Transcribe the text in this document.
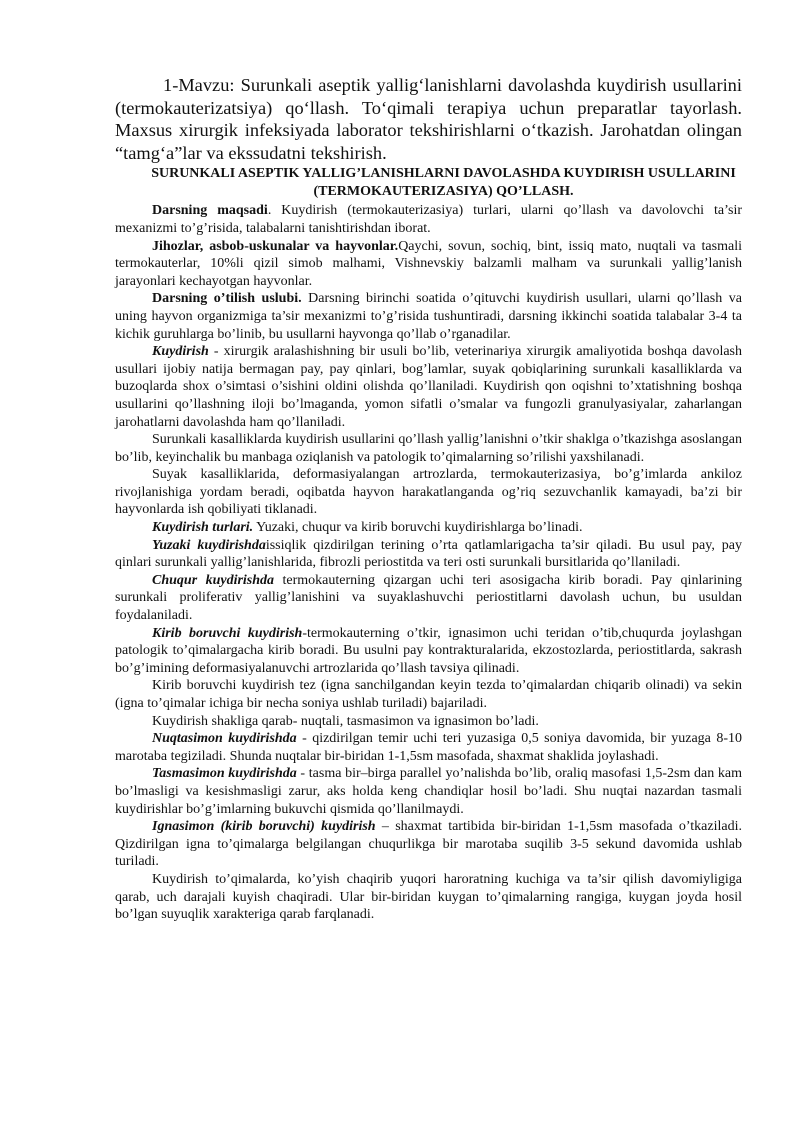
1-Mavzu: Surunkali aseptik yallig‘lanishlarni davolashda kuydirish usullarini (termokauterizatsiya) qo‘llash. To‘qimali terapiya uchun preparatlar tayorlash. Maxsus xirurgik infeksiyada laborator tekshirishlarni o‘tkazish. Jarohatdan olingan “tamg‘a”lar va ekssudatni tekshirish.

SURUNKALI ASEPTIK YALLIG’LANISHLARNI DAVOLASHDA KUYDIRISH USULLARINI (TERMOKAUTERIZASIYA) QO’LLASH.

Darsning maqsadi. Kuydirish (termokauterizasiya) turlari, ularni qo’llash va davolovchi ta’sir mexanizmi to’g’risida, talabalarni tanishtirishdan iborat.

Jihozlar, asbob-uskunalar va hayvonlar.Qaychi, sovun, sochiq, bint, issiq mato, nuqtali va tasmali termokauterlar, 10%li qizil simob malhami, Vishnevskiy balzamli malham va surunkali yallig’lanish jarayonlari kechayotgan hayvonlar.

Darsning o’tilish uslubi. Darsning birinchi soatida o’qituvchi kuydirish usullari, ularni qo’llash va uning hayvon organizmiga ta’sir mexanizmi to’g’risida tushuntiradi, darsning ikkinchi soatida talabalar 3-4 ta kichik guruhlarga bo’linib, bu usullarni hayvonga qo’llab o’rganadilar.

Kuydirish - xirurgik aralashishning bir usuli bo’lib, veterinariya xirurgik amaliyotida boshqa davolash usullari ijobiy natija bermagan pay, pay qinlari, bog’lamlar, suyak qobiqlarining surunkali kasalliklarda va buzoqlarda shox o’simtasi o’sishini oldini olishda qo’llaniladi. Kuydirish qon oqishni to’xtatishning boshqa usullarini qo’llashning iloji bo’lmaganda, yomon sifatli o’smalar va fungozli granulyasiyalar, zaharlangan jarohatlarni davolashda ham qo’llaniladi.

Surunkali kasalliklarda kuydirish usullarini qo’llash yallig’lanishni o’tkir shaklga o’tkazishga asoslangan bo’lib, keyinchalik bu manbaga oziqlanish va patologik to’qimalarning so’rilishi yaxshilanadi.

Suyak kasalliklarida, deformasiyalangan artrozlarda, termokauterizasiya, bo’g’imlarda ankiloz rivojlanishiga yordam beradi, oqibatda hayvon harakatlanganda og’riq sezuvchanlik kamayadi, ba’zi bir hayvonlarda ish qobiliyati tiklanadi.

Kuydirish turlari. Yuzaki, chuqur va kirib boruvchi kuydirishlarga bo’linadi.

Yuzaki kuydirishdaissiqlik qizdirilgan terining o’rta qatlamlarigacha ta’sir qiladi. Bu usul pay, pay qinlari surunkali yallig’lanishlarida, fibrozli periostitda va teri osti surunkali bursitlarida qo’llaniladi.

Chuqur kuydirishda termokauterning qizargan uchi teri asosigacha kirib boradi. Pay qinlarining surunkali proliferativ yallig’lanishini va suyaklashuvchi periostitlarni davolash uchun, bu usuldan foydalaniladi.

Kirib boruvchi kuydirish-termokauterning o’tkir, ignasimon uchi teridan o’tib,chuqurda joylashgan patologik to’qimalargacha kirib boradi. Bu usulni pay kontrakturalarida, ekzostozlarda, periostitlarda, sakrash bo’g’imining deformasiyalanuvchi artrozlarida qo’llash tavsiya qilinadi.

Kirib boruvchi kuydirish tez (igna sanchilgandan keyin tezda to’qimalardan chiqarib olinadi) va sekin (igna to’qimalar ichiga bir necha soniya ushlab turiladi) bajariladi.

Kuydirish shakliga qarab- nuqtali, tasmasimon va ignasimon bo’ladi.

Nuqtasimon kuydirishda - qizdirilgan temir uchi teri yuzasiga 0,5 soniya davomida, bir yuzaga 8-10 marotaba tegiziladi. Shunda nuqtalar bir-biridan 1-1,5sm masofada, shaxmat shaklida joylashadi.

Tasmasimon kuydirishda - tasma bir–birga parallel yo’nalishda bo’lib, oraliq masofasi 1,5-2sm dan kam bo’lmasligi va kesishmasligi zarur, aks holda keng chandiqlar hosil bo’ladi. Shu nuqtai nazardan tasmali kuydirishlar bo’g’imlarning bukuvchi qismida qo’llanilmaydi.

Ignasimon (kirib boruvchi) kuydirish – shaxmat tartibida bir-biridan 1-1,5sm masofada o’tkaziladi. Qizdirilgan igna to’qimalarga belgilangan chuqurlikga bir marotaba suqilib 3-5 sekund davomida ushlab turiladi.

Kuydirish to’qimalarda, ko’yish chaqirib yuqori haroratning kuchiga va ta’sir qilish davomiyligiga qarab, uch darajali kuyish chaqiradi. Ular bir-biridan kuygan to’qimalarning rangiga, kuygan joyda hosil bo’lgan suyuqlik xarakteriga qarab farqlanadi.
